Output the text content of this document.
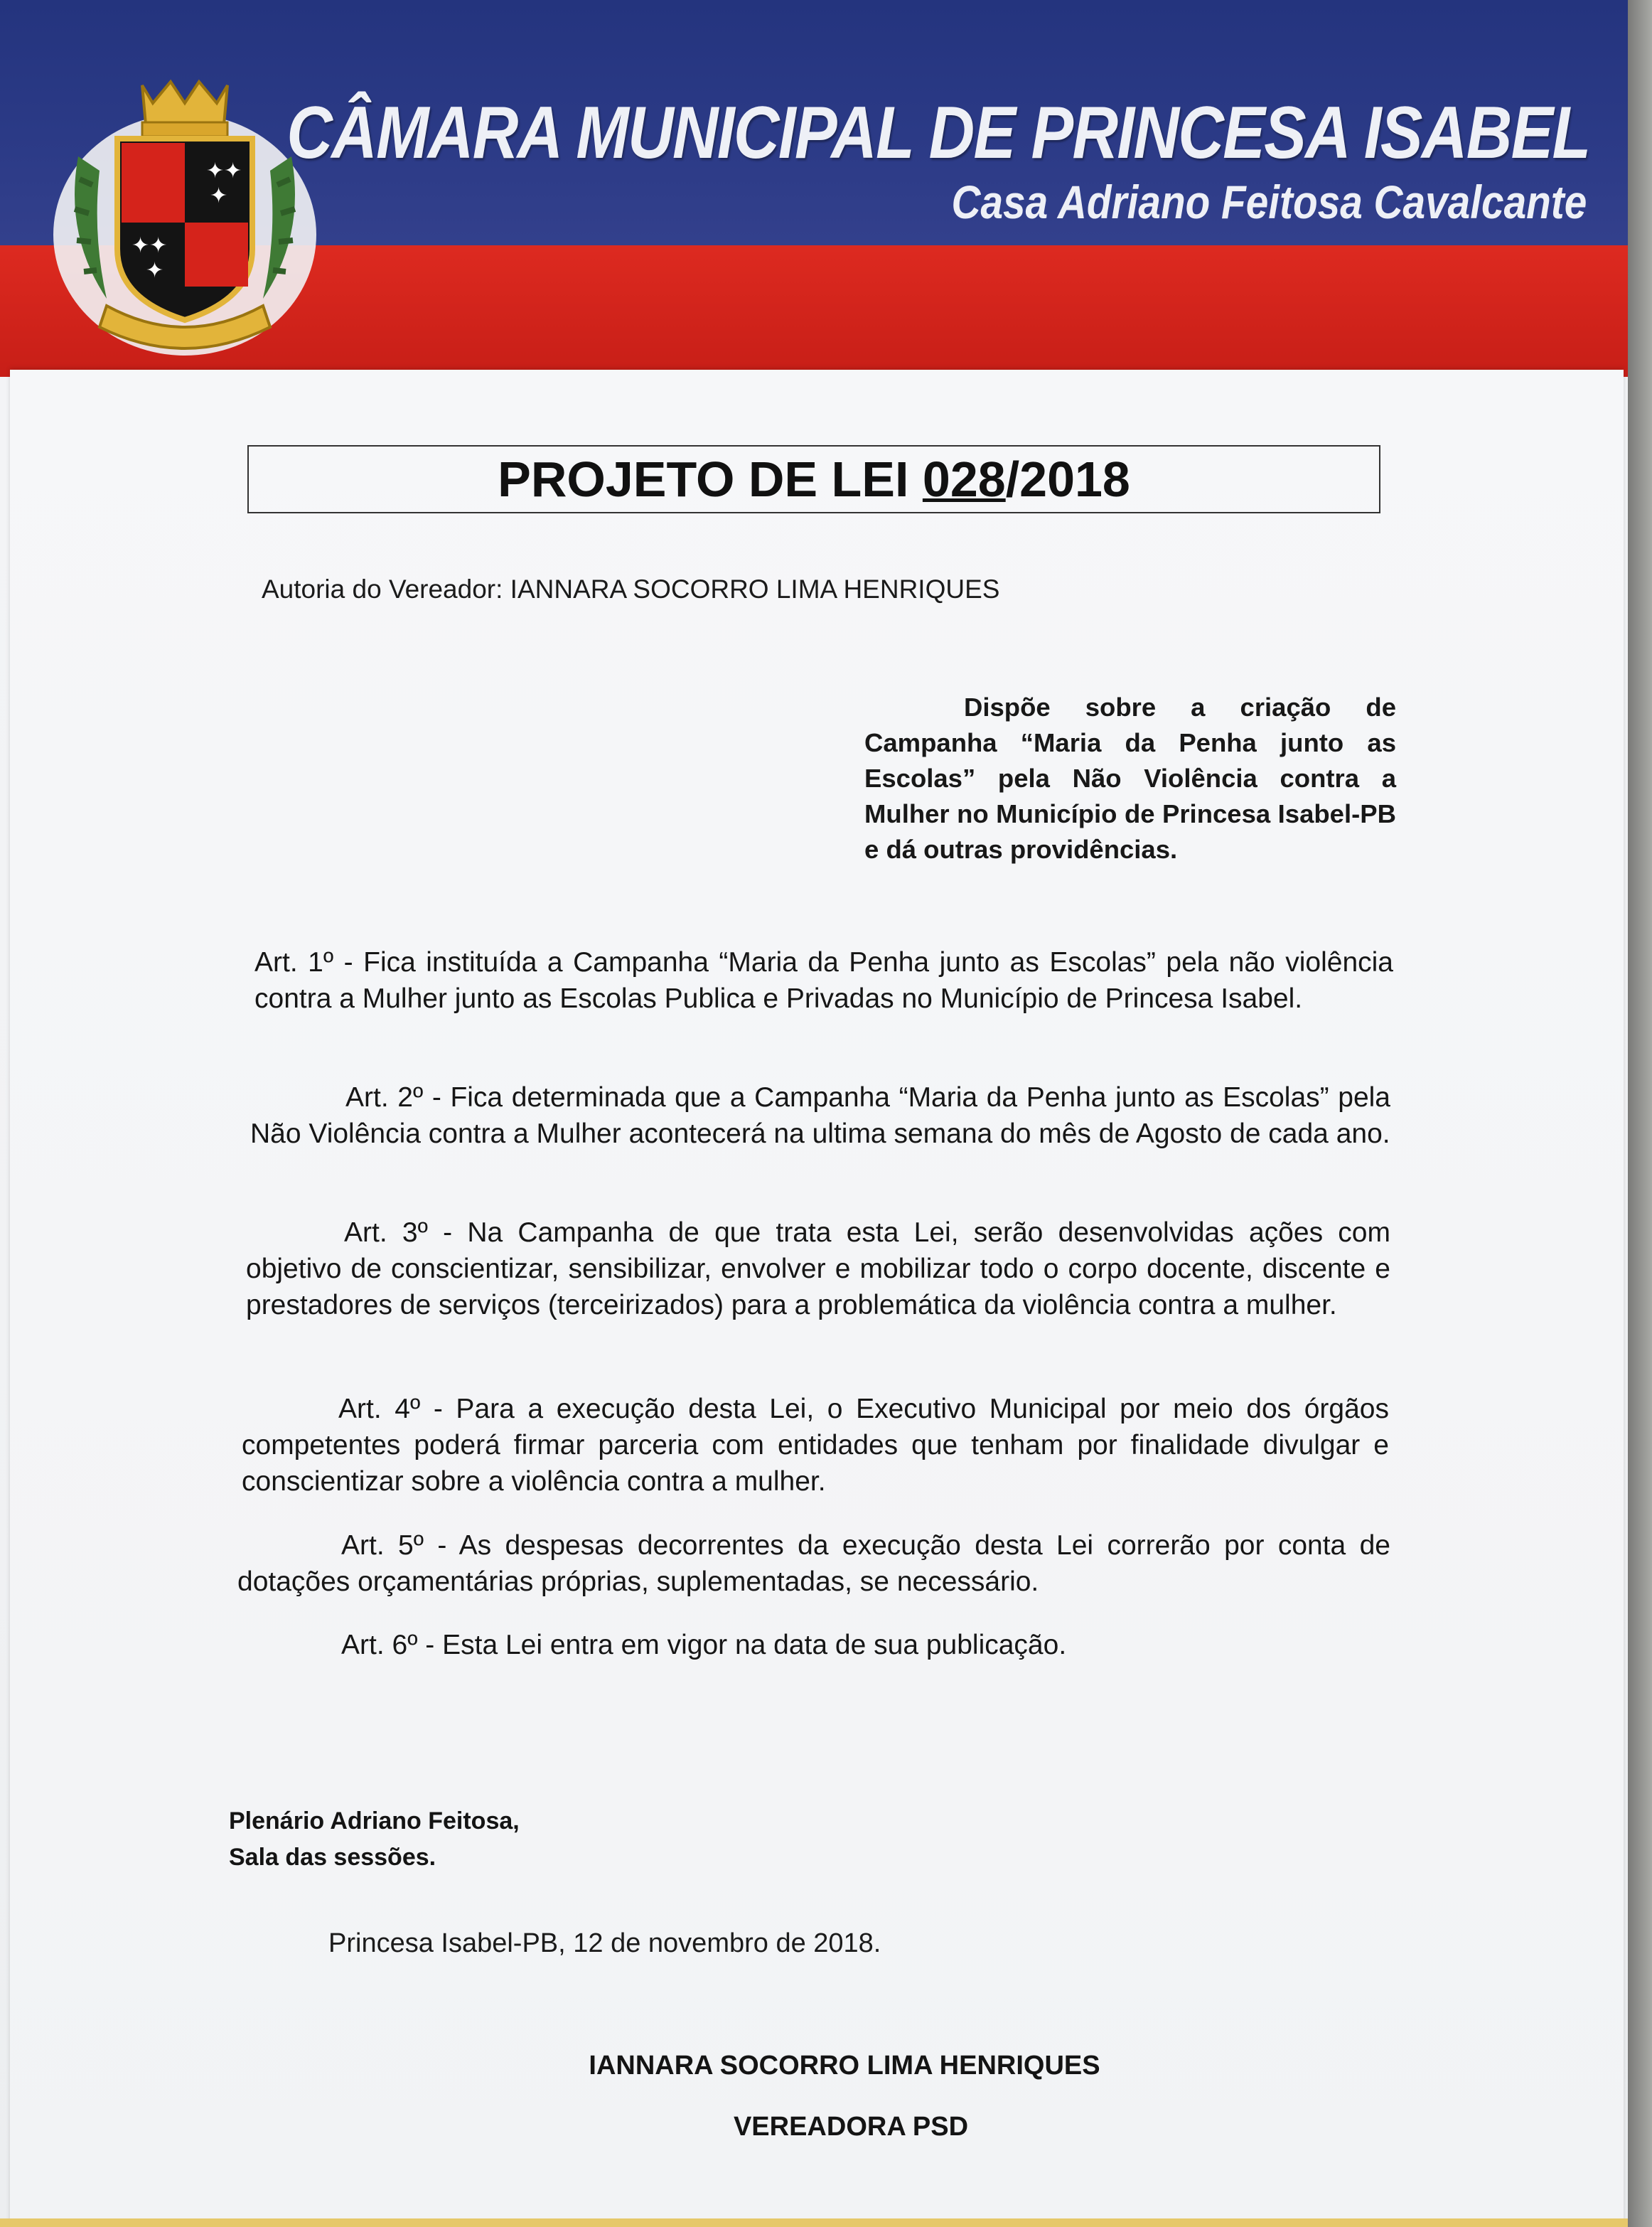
✦✦
✦
✦✦
✦
CÂMARA MUNICIPAL DE PRINCESA ISABEL
Casa Adriano Feitosa Cavalcante
PROJETO DE LEI 028/2018
Autoria do Vereador: IANNARA SOCORRO LIMA HENRIQUES
Dispõe sobre a criação de Campanha “Maria da Penha junto as Escolas” pela Não Violência contra a Mulher no Município de Princesa Isabel-PB e dá outras providências.
Art. 1º - Fica instituída a Campanha “Maria da Penha junto as Escolas” pela não violência contra a Mulher junto as Escolas Publica e Privadas no Município de Princesa Isabel.
Art. 2º - Fica determinada que a Campanha “Maria da Penha junto as Escolas” pela Não Violência contra a Mulher acontecerá na ultima semana do mês de Agosto de cada ano.
Art. 3º - Na Campanha de que trata esta Lei, serão desenvolvidas ações com objetivo de conscientizar, sensibilizar, envolver e mobilizar todo o corpo docente, discente e prestadores de serviços (terceirizados) para a problemática da violência contra a mulher.
Art. 4º - Para a execução desta Lei, o Executivo Municipal por meio dos órgãos competentes poderá firmar parceria com entidades que tenham por finalidade divulgar e conscientizar sobre a violência contra a mulher.
Art. 5º - As despesas decorrentes da execução desta Lei correrão por conta de dotações orçamentárias próprias, suplementadas, se necessário.
Art. 6º - Esta Lei entra em vigor na data de sua publicação.
Plenário Adriano Feitosa,
Sala das sessões.
Princesa Isabel-PB, 12 de novembro de 2018.
IANNARA SOCORRO LIMA HENRIQUES
VEREADORA PSD
